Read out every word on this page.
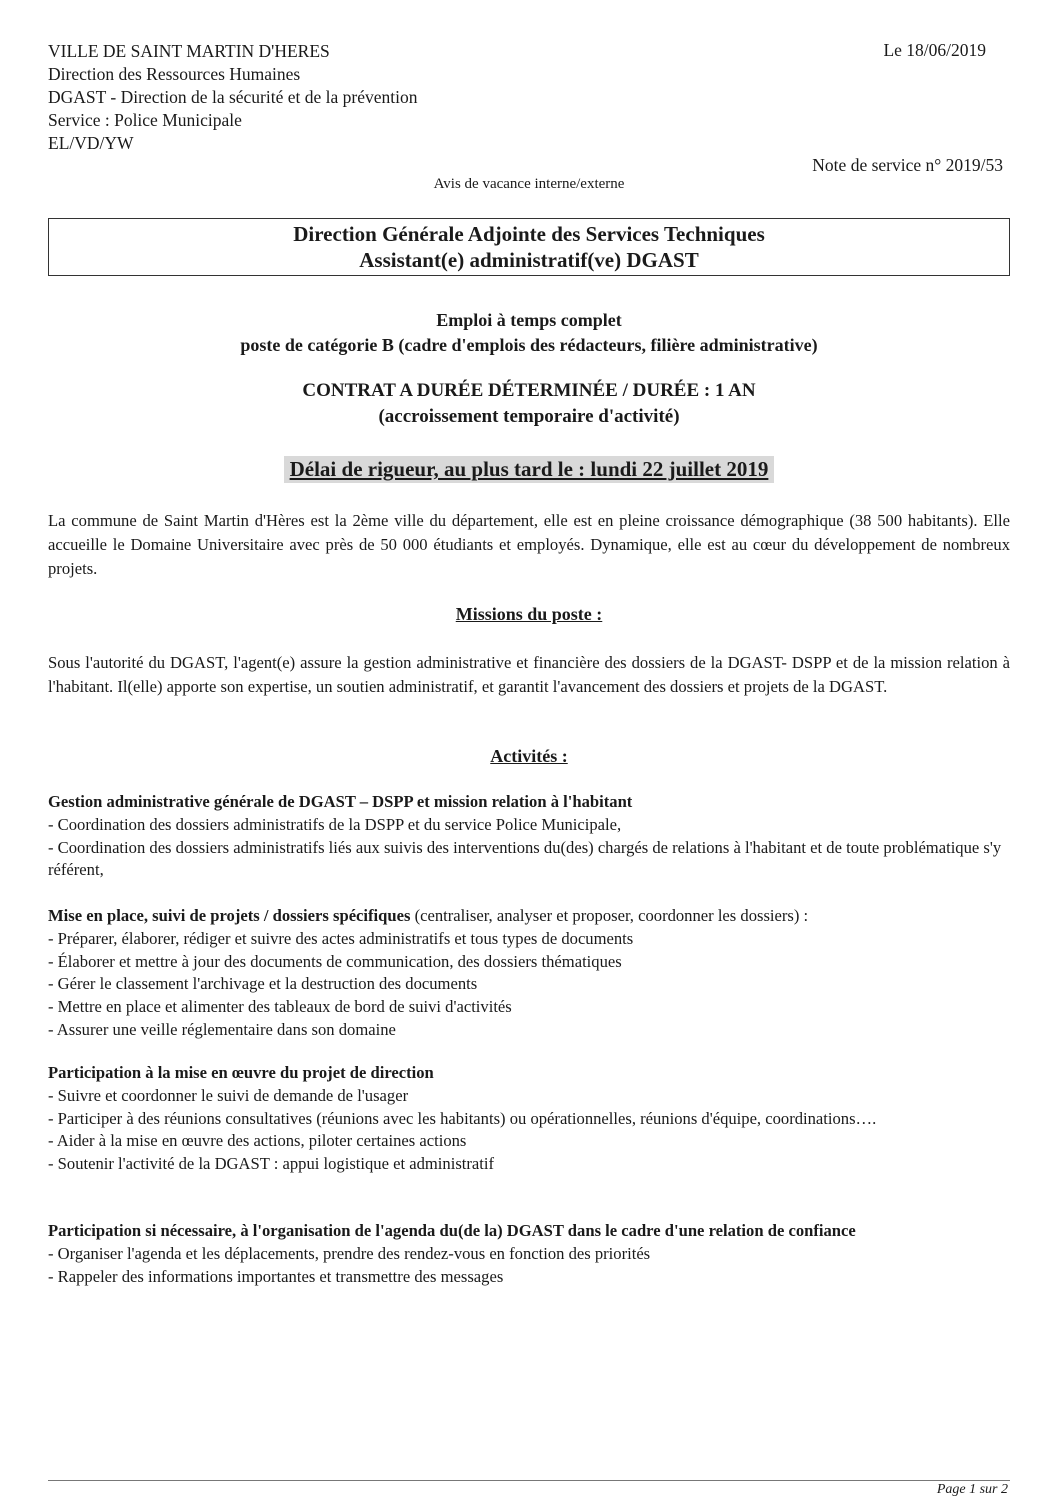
VILLE DE SAINT MARTIN D'HERES
Direction des Ressources Humaines
DGAST - Direction de la sécurité et de la prévention
Service : Police Municipale
EL/VD/YW
Le 18/06/2019
Note de service n° 2019/53
Avis de vacance interne/externe
Direction Générale Adjointe des Services Techniques
Assistant(e) administratif(ve) DGAST
Emploi à temps complet
poste de catégorie B (cadre d'emplois des rédacteurs, filière administrative)
CONTRAT A DURÉE DÉTERMINÉE / DURÉE : 1 AN
(accroissement temporaire d'activité)
Délai de rigueur, au plus tard le : lundi 22 juillet 2019
La commune de Saint Martin d'Hères est la 2ème ville du département, elle est en pleine croissance démographique (38 500 habitants). Elle accueille le Domaine Universitaire avec près de 50 000 étudiants et employés. Dynamique, elle est au cœur du développement de nombreux projets.
Missions du poste :
Sous l'autorité du DGAST, l'agent(e) assure la gestion administrative et financière des dossiers de la DGAST- DSPP et de la mission relation à l'habitant. Il(elle) apporte son expertise, un soutien administratif, et garantit l'avancement des dossiers et projets de la DGAST.
Activités :
Gestion administrative générale de DGAST – DSPP et mission relation à l'habitant
- Coordination des dossiers administratifs de la DSPP et du service Police Municipale,
- Coordination des dossiers administratifs liés aux suivis des interventions du(des) chargés de relations à l'habitant et de toute problématique s'y référent,
Mise en place, suivi de projets / dossiers spécifiques (centraliser, analyser et proposer, coordonner les dossiers) :
- Préparer, élaborer, rédiger et suivre des actes administratifs et tous types de documents
- Élaborer et mettre à jour des documents de communication, des dossiers thématiques
- Gérer le classement l'archivage et la destruction des documents
- Mettre en place et alimenter des tableaux de bord de suivi d'activités
- Assurer une veille réglementaire dans son domaine
Participation à la mise en œuvre du projet de direction
- Suivre et coordonner le suivi de demande de l'usager
- Participer à des réunions consultatives (réunions avec les habitants) ou opérationnelles, réunions d'équipe, coordinations….
- Aider à la mise en œuvre des actions, piloter certaines actions
- Soutenir l'activité de la DGAST : appui logistique et administratif
Participation si nécessaire, à l'organisation de l'agenda du(de la) DGAST dans le cadre d'une relation de confiance
- Organiser l'agenda et les déplacements, prendre des rendez-vous en fonction des priorités
- Rappeler des informations importantes et transmettre des messages
Page 1 sur 2
